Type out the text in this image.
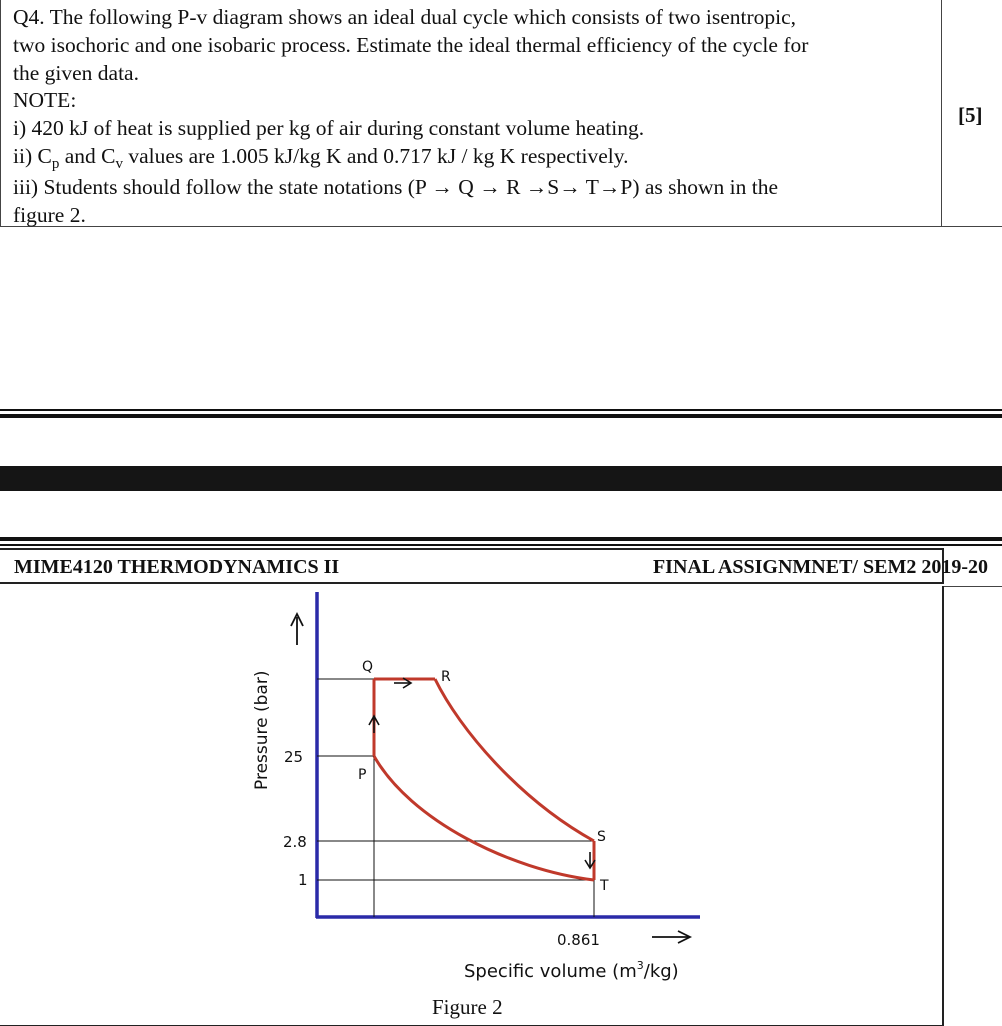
Q4. The following P-v diagram shows an ideal dual cycle which consists of two isentropic,
two isochoric and one isobaric process. Estimate the ideal thermal efficiency of the cycle for
the given data.
NOTE:
i) 420 kJ of heat is supplied per kg of air during constant volume heating.
ii) $C_p$ and $C_v$ values are 1.005 kJ/kg K and 0.717 kJ / kg K respectively.
iii) Students should follow the state notations (P → Q → R →S→ T→P) as shown in the
figure 2.
[5]
MIME4120 THERMODYNAMICS II	FINAL ASSIGNMNET/ SEM2 2019-20
Pressure (bar) 25
2.8
1
0.861
P
Q
R
S
T
Specific volume $(m^3/kg)$
Figure 2
